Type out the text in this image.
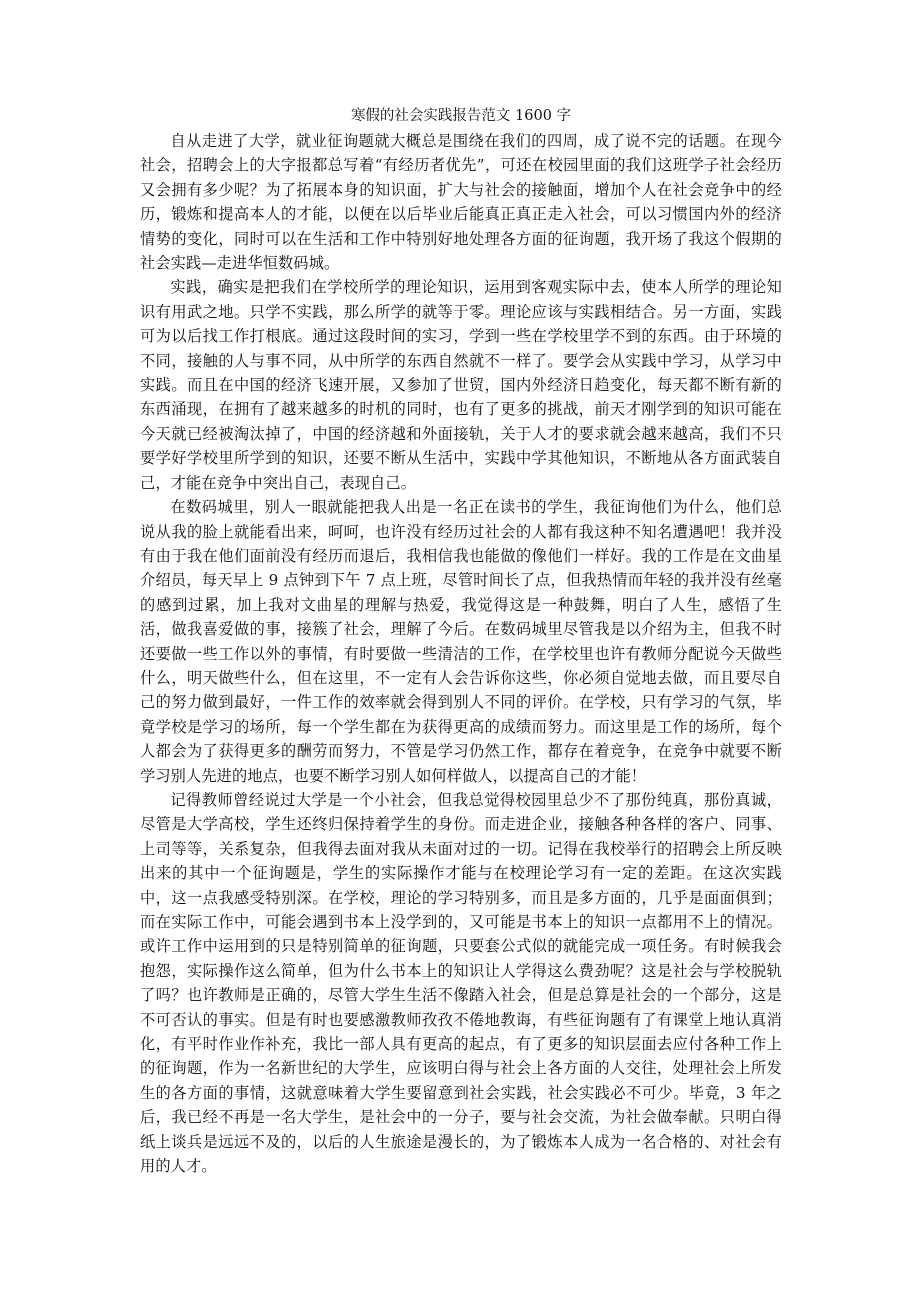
寒假的社会实践报告范文 1600 字

自从走进了大学，就业征询题就大概总是围绕在我们的四周，成了说不完的话题。在现今社会，招聘会上的大字报都总写着“有经历者优先”，可还在校园里面的我们这班学子社会经历又会拥有多少呢？为了拓展本身的知识面，扩大与社会的接触面，增加个人在社会竞争中的经历，锻炼和提高本人的才能，以便在以后毕业后能真正真正走入社会，可以习惯国内外的经济情势的变化，同时可以在生活和工作中特别好地处理各方面的征询题，我开场了我这个假期的社会实践—走进华恒数码城。

实践，确实是把我们在学校所学的理论知识，运用到客观实际中去，使本人所学的理论知识有用武之地。只学不实践，那么所学的就等于零。理论应该与实践相结合。另一方面，实践可为以后找工作打根底。通过这段时间的实习，学到一些在学校里学不到的东西。由于环境的不同，接触的人与事不同，从中所学的东西自然就不一样了。要学会从实践中学习，从学习中实践。而且在中国的经济飞速开展，又参加了世贸，国内外经济日趋变化，每天都不断有新的东西涌现，在拥有了越来越多的时机的同时，也有了更多的挑战，前天才刚学到的知识可能在今天就已经被淘汰掉了，中国的经济越和外面接轨，关于人才的要求就会越来越高，我们不只要学好学校里所学到的知识，还要不断从生活中，实践中学其他知识，不断地从各方面武装自己，才能在竞争中突出自己，表现自己。

在数码城里，别人一眼就能把我人出是一名正在读书的学生，我征询他们为什么，他们总说从我的脸上就能看出来，呵呵，也许没有经历过社会的人都有我这种不知名遭遇吧！我并没有由于我在他们面前没有经历而退后，我相信我也能做的像他们一样好。我的工作是在文曲星介绍员，每天早上 9 点钟到下午 7 点上班，尽管时间长了点，但我热情而年轻的我并没有丝毫的感到过累，加上我对文曲星的理解与热爱，我觉得这是一种鼓舞，明白了人生，感悟了生活，做我喜爱做的事，接簇了社会，理解了今后。在数码城里尽管我是以介绍为主，但我不时还要做一些工作以外的事情，有时要做一些清洁的工作，在学校里也许有教师分配说今天做些什么，明天做些什么，但在这里，不一定有人会告诉你这些，你必须自觉地去做，而且要尽自己的努力做到最好，一件工作的效率就会得到别人不同的评价。在学校，只有学习的气氛，毕竟学校是学习的场所，每一个学生都在为获得更高的成绩而努力。而这里是工作的场所，每个人都会为了获得更多的酬劳而努力，不管是学习仍然工作，都存在着竞争，在竞争中就要不断学习别人先进的地点，也要不断学习别人如何样做人，以提高自己的才能！

记得教师曾经说过大学是一个小社会，但我总觉得校园里总少不了那份纯真，那份真诚，尽管是大学高校，学生还终归保持着学生的身份。而走进企业，接触各种各样的客户、同事、上司等等，关系复杂，但我得去面对我从未面对过的一切。记得在我校举行的招聘会上所反映出来的其中一个征询题是，学生的实际操作才能与在校理论学习有一定的差距。在这次实践中，这一点我感受特别深。在学校，理论的学习特别多，而且是多方面的，几乎是面面俱到；而在实际工作中，可能会遇到书本上没学到的，又可能是书本上的知识一点都用不上的情况。或许工作中运用到的只是特别简单的征询题，只要套公式似的就能完成一项任务。有时候我会抱怨，实际操作这么简单，但为什么书本上的知识让人学得这么费劲呢？这是社会与学校脱轨了吗？也许教师是正确的，尽管大学生生活不像踏入社会，但是总算是社会的一个部分，这是不可否认的事实。但是有时也要感激教师孜孜不倦地教诲，有些征询题有了有课堂上地认真消化，有平时作业作补充，我比一部人具有更高的起点，有了更多的知识层面去应付各种工作上的征询题，作为一名新世纪的大学生，应该明白得与社会上各方面的人交往，处理社会上所发生的各方面的事情，这就意味着大学生要留意到社会实践，社会实践必不可少。毕竟，3 年之后，我已经不再是一名大学生，是社会中的一分子，要与社会交流，为社会做奉献。只明白得纸上谈兵是远远不及的，以后的人生旅途是漫长的，为了锻炼本人成为一名合格的、对社会有用的人才。
